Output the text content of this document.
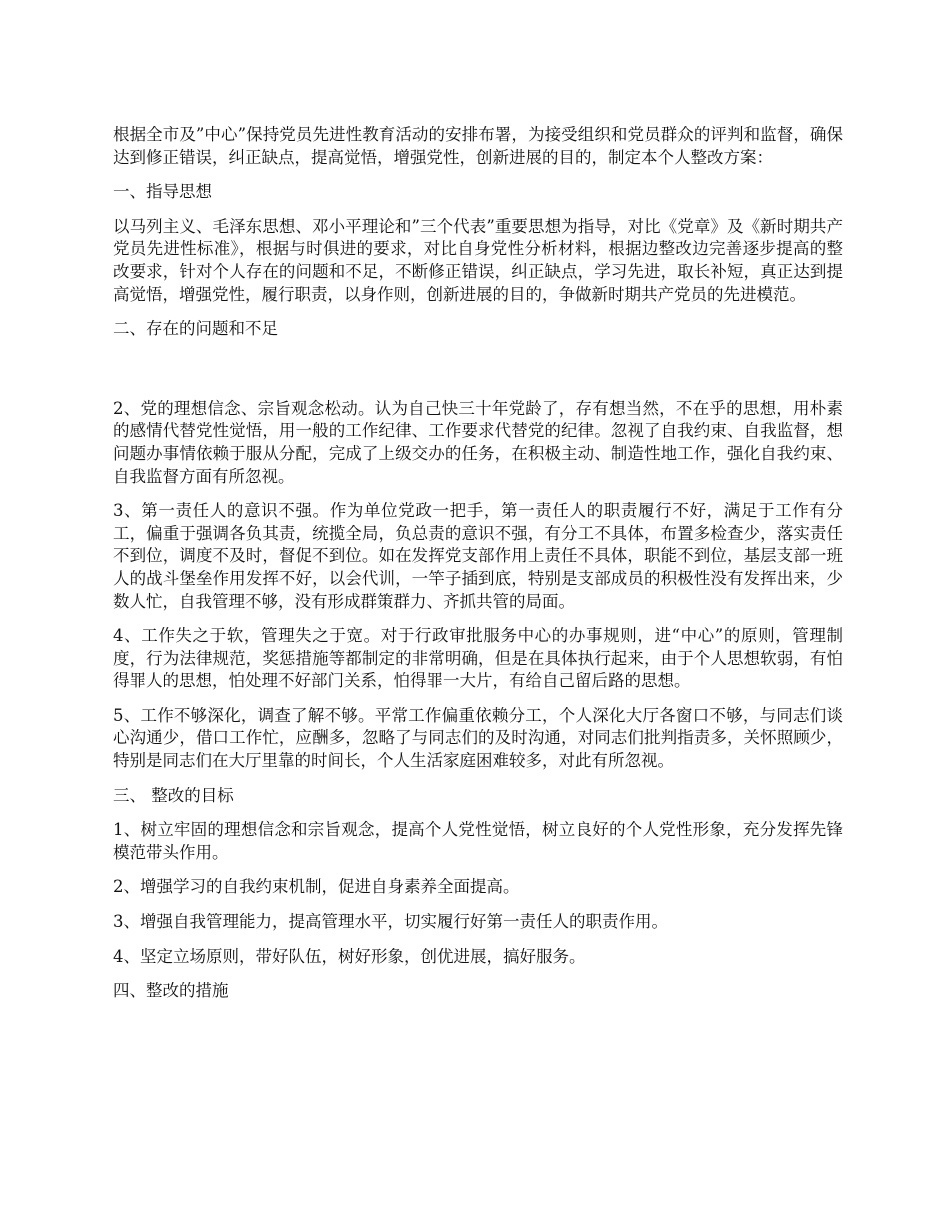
根据全市及”中心”保持党员先进性教育活动的安排布署，为接受组织和党员群众的评判和监督，确保达到修正错误，纠正缺点，提高觉悟，增强党性，创新进展的目的，制定本个人整改方案：

一、指导思想

以马列主义、毛泽东思想、邓小平理论和”三个代表”重要思想为指导，对比《党章》及《新时期共产党员先进性标准》，根据与时俱进的要求，对比自身党性分析材料，根据边整改边完善逐步提高的整改要求，针对个人存在的问题和不足，不断修正错误，纠正缺点，学习先进，取长补短，真正达到提高觉悟，增强党性，履行职责，以身作则，创新进展的目的，争做新时期共产党员的先进模范。

二、存在的问题和不足

2、党的理想信念、宗旨观念松动。认为自己快三十年党龄了，存有想当然，不在乎的思想，用朴素的感情代替党性觉悟，用一般的工作纪律、工作要求代替党的纪律。忽视了自我约束、自我监督，想问题办事情依赖于服从分配，完成了上级交办的任务，在积极主动、制造性地工作，强化自我约束、自我监督方面有所忽视。

3、第一责任人的意识不强。作为单位党政一把手，第一责任人的职责履行不好，满足于工作有分工，偏重于强调各负其责，统揽全局，负总责的意识不强，有分工不具体，布置多检查少，落实责任不到位，调度不及时，督促不到位。如在发挥党支部作用上责任不具体，职能不到位，基层支部一班人的战斗堡垒作用发挥不好，以会代训，一竿子插到底，特别是支部成员的积极性没有发挥出来，少数人忙，自我管理不够，没有形成群策群力、齐抓共管的局面。

4、工作失之于软，管理失之于宽。对于行政审批服务中心的办事规则，进“中心”的原则，管理制度，行为法律规范，奖惩措施等都制定的非常明确，但是在具体执行起来，由于个人思想软弱，有怕得罪人的思想，怕处理不好部门关系，怕得罪一大片，有给自己留后路的思想。

5、工作不够深化，调查了解不够。平常工作偏重依赖分工，个人深化大厅各窗口不够，与同志们谈心沟通少，借口工作忙，应酬多，忽略了与同志们的及时沟通，对同志们批判指责多，关怀照顾少，特别是同志们在大厅里靠的时间长，个人生活家庭困难较多，对此有所忽视。

三、 整改的目标

1、树立牢固的理想信念和宗旨观念，提高个人党性觉悟，树立良好的个人党性形象，充分发挥先锋模范带头作用。

2、增强学习的自我约束机制，促进自身素养全面提高。

3、增强自我管理能力，提高管理水平，切实履行好第一责任人的职责作用。

4、坚定立场原则，带好队伍，树好形象，创优进展，搞好服务。

四、整改的措施
